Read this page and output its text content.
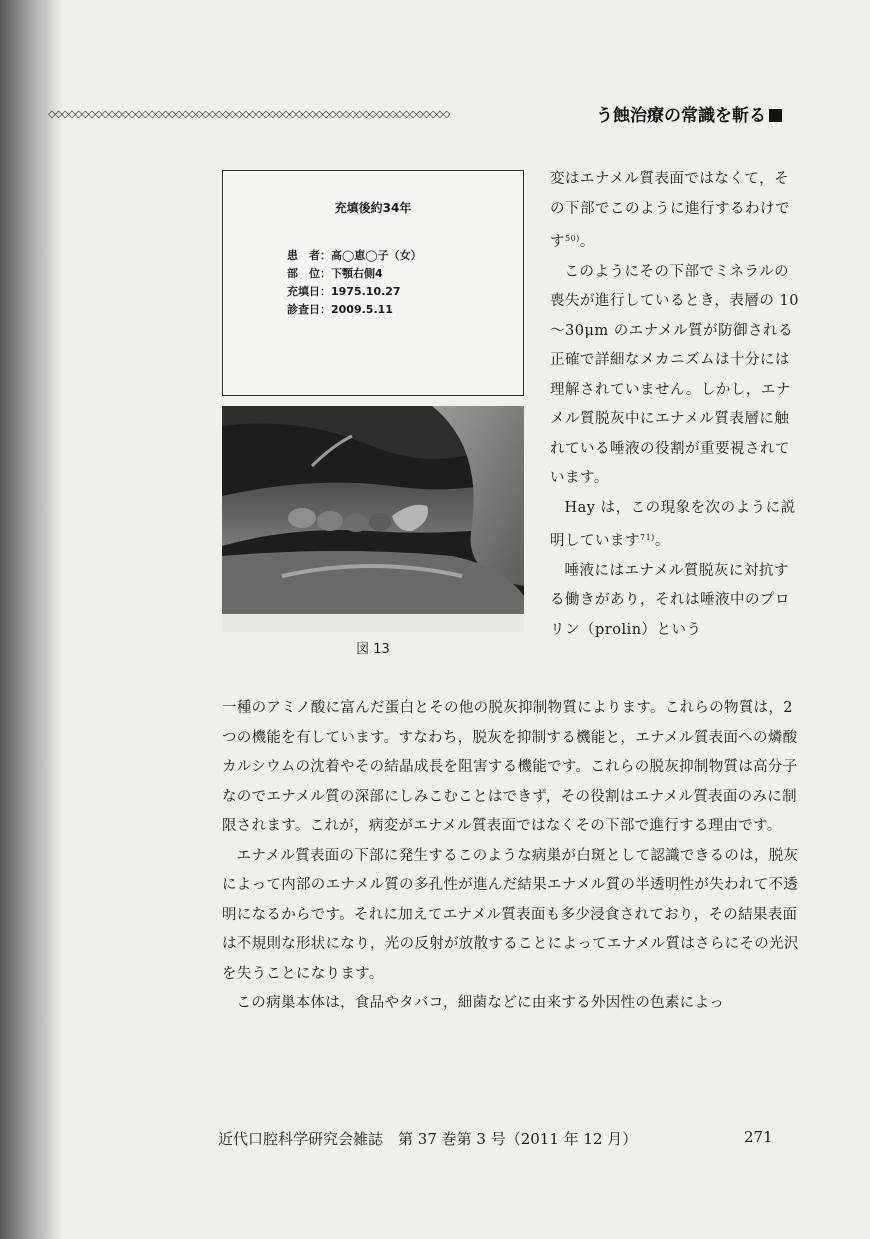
◇◇◇◇◇◇◇◇◇◇◇◇◇◇◇◇◇◇◇◇◇◇◇◇◇◇◇◇◇◇◇◇◇◇◇◇◇◇◇◇◇◇◇◇◇◇◇◇◇◇◇◇◇◇◇◇◇◇◇◇	う蝕治療の常識を斬る
充填後約34年
患　者：高◯恵◯子（女）
部　位：下顎右側4
充填日：1975.10.27
診査日：2009.5.11
図 13

変はエナメル質表面ではなくて，その下部でこのように進行するわけです$^{50)}$。

このようにその下部でミネラルの喪失が進行しているとき，表層の 10～30μm のエナメル質が防御される正確で詳細なメカニズムは十分には理解されていません。しかし，エナメル質脱灰中にエナメル質表層に触れている唾液の役割が重要視されています。

Hay は，この現象を次のように説明しています$^{71)}$。

唾液にはエナメル質脱灰に対抗する働きがあり，それは唾液中のプロリン（prolin）という

一種のアミノ酸に富んだ蛋白とその他の脱灰抑制物質によります。これらの物質は，2つの機能を有しています。すなわち，脱灰を抑制する機能と，エナメル質表面への燐酸カルシウムの沈着やその結晶成長を阻害する機能です。これらの脱灰抑制物質は高分子なのでエナメル質の深部にしみこむことはできず，その役割はエナメル質表面のみに制限されます。これが，病変がエナメル質表面ではなくその下部で進行する理由です。

エナメル質表面の下部に発生するこのような病巣が白斑として認識できるのは，脱灰によって内部のエナメル質の多孔性が進んだ結果エナメル質の半透明性が失われて不透明になるからです。それに加えてエナメル質表面も多少浸食されており，その結果表面は不規則な形状になり，光の反射が放散することによってエナメル質はさらにその光沢を失うことになります。

この病巣本体は，食品やタバコ，細菌などに由来する外因性の色素によっ

近代口腔科学研究会雑誌　第 37 巻第 3 号（2011 年 12 月）	271
